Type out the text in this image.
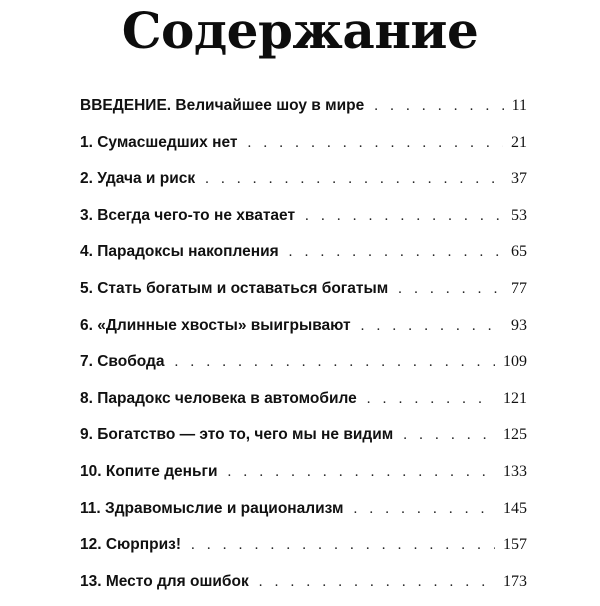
Содержание
ВВЕДЕНИЕ. Величайшее шоу в мире . . .	11
1. Сумасшедших нет . . .	21
2. Удача и риск . . .	37
3. Всегда чего-то не хватает . . .	53
4. Парадоксы накопления . . .	65
5. Стать богатым и оставаться богатым . . .	77
6. «Длинные хвосты» выигрывают . . .	93
7. Свобода . . .	109
8. Парадокс человека в автомобиле . . .	121
9. Богатство — это то, чего мы не видим . . .	125
10. Копите деньги . . .	133
11. Здравомыслие и рационализм . . .	145
12. Сюрприз! . . .	157
13. Место для ошибок . . .	173
